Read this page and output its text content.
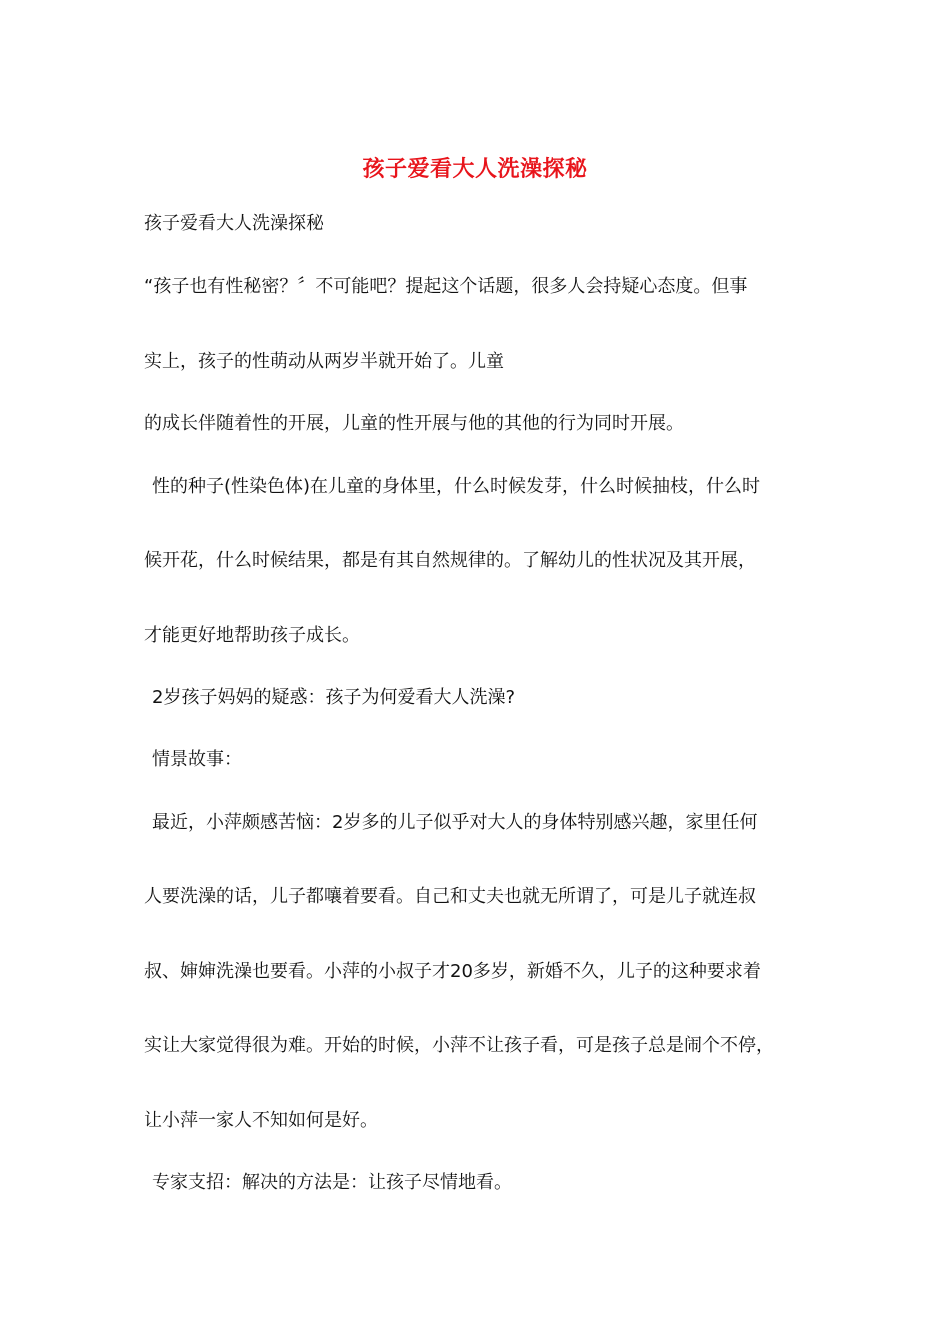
孩子爱看大人洗澡探秘
孩子爱看大人洗澡探秘
“孩子也有性秘密？〞不可能吧？提起这个话题，很多人会持疑心态度。但事
实上，孩子的性萌动从两岁半就开始了。儿童
的成长伴随着性的开展，儿童的性开展与他的其他的行为同时开展。
性的种子(性染色体)在儿童的身体里，什么时候发芽，什么时候抽枝，什么时
候开花，什么时候结果，都是有其自然规律的。了解幼儿的性状况及其开展，
才能更好地帮助孩子成长。
2岁孩子妈妈的疑惑：孩子为何爱看大人洗澡?
情景故事：
最近，小萍颇感苦恼：2岁多的儿子似乎对大人的身体特别感兴趣，家里任何
人要洗澡的话，儿子都嚷着要看。自己和丈夫也就无所谓了，可是儿子就连叔
叔、婶婶洗澡也要看。小萍的小叔子才20多岁，新婚不久，儿子的这种要求着
实让大家觉得很为难。开始的时候，小萍不让孩子看，可是孩子总是闹个不停，
让小萍一家人不知如何是好。
专家支招：解决的方法是：让孩子尽情地看。
